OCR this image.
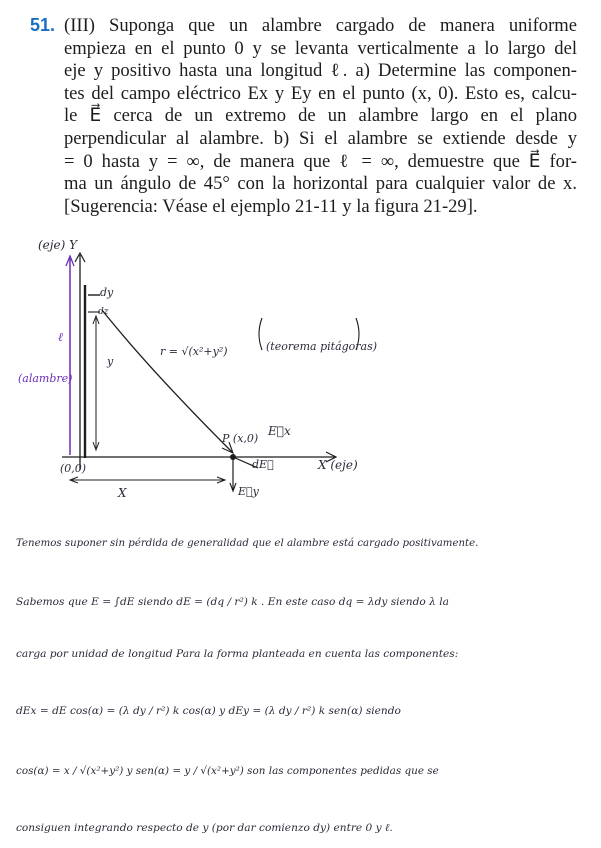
51. (III) Suponga que un alambre cargado de manera uniforme
empieza en el punto 0 y se levanta verticalmente a lo largo del
eje y positivo hasta una longitud ℓ. a) Determine las componen-
tes del campo eléctrico Ex y Ey en el punto (x, 0). Esto es, calcu-
le E⃗ cerca de un extremo de un alambre largo en el plano
perpendicular al alambre. b) Si el alambre se extiende desde y
= 0 hasta y = ∞, de manera que ℓ = ∞, demuestre que E⃗ for-
ma un ángulo de 45° con la horizontal para cualquier valor de x.
[Sugerencia: Véase el ejemplo 21-11 y la figura 21-29].
(eje) Y
X (eje)
(0,0)
ℓ
(alambre)
dy
dz
y
r = √(x²+y²)	(teorema pitágoras)
P (x,0)
E⃗x
dE⃗
E⃗y
X
Tenemos suponer sin pérdida de generalidad que el alambre está cargado positivamente.
Sabemos que E = ∫dE siendo dE = (dq / r²) k . En este caso dq = λdy siendo λ la
carga por unidad de longitud Para la forma planteada en cuenta las componentes:
dEx = dE cos(α) = (λ dy / r²) k cos(α) y dEy = (λ dy / r²) k sen(α) siendo
cos(α) = x / √(x²+y²) y sen(α) = y / √(x²+y²) son las componentes pedidas que se
consiguen integrando respecto de y (por dar comienzo dy) entre 0 y ℓ.
